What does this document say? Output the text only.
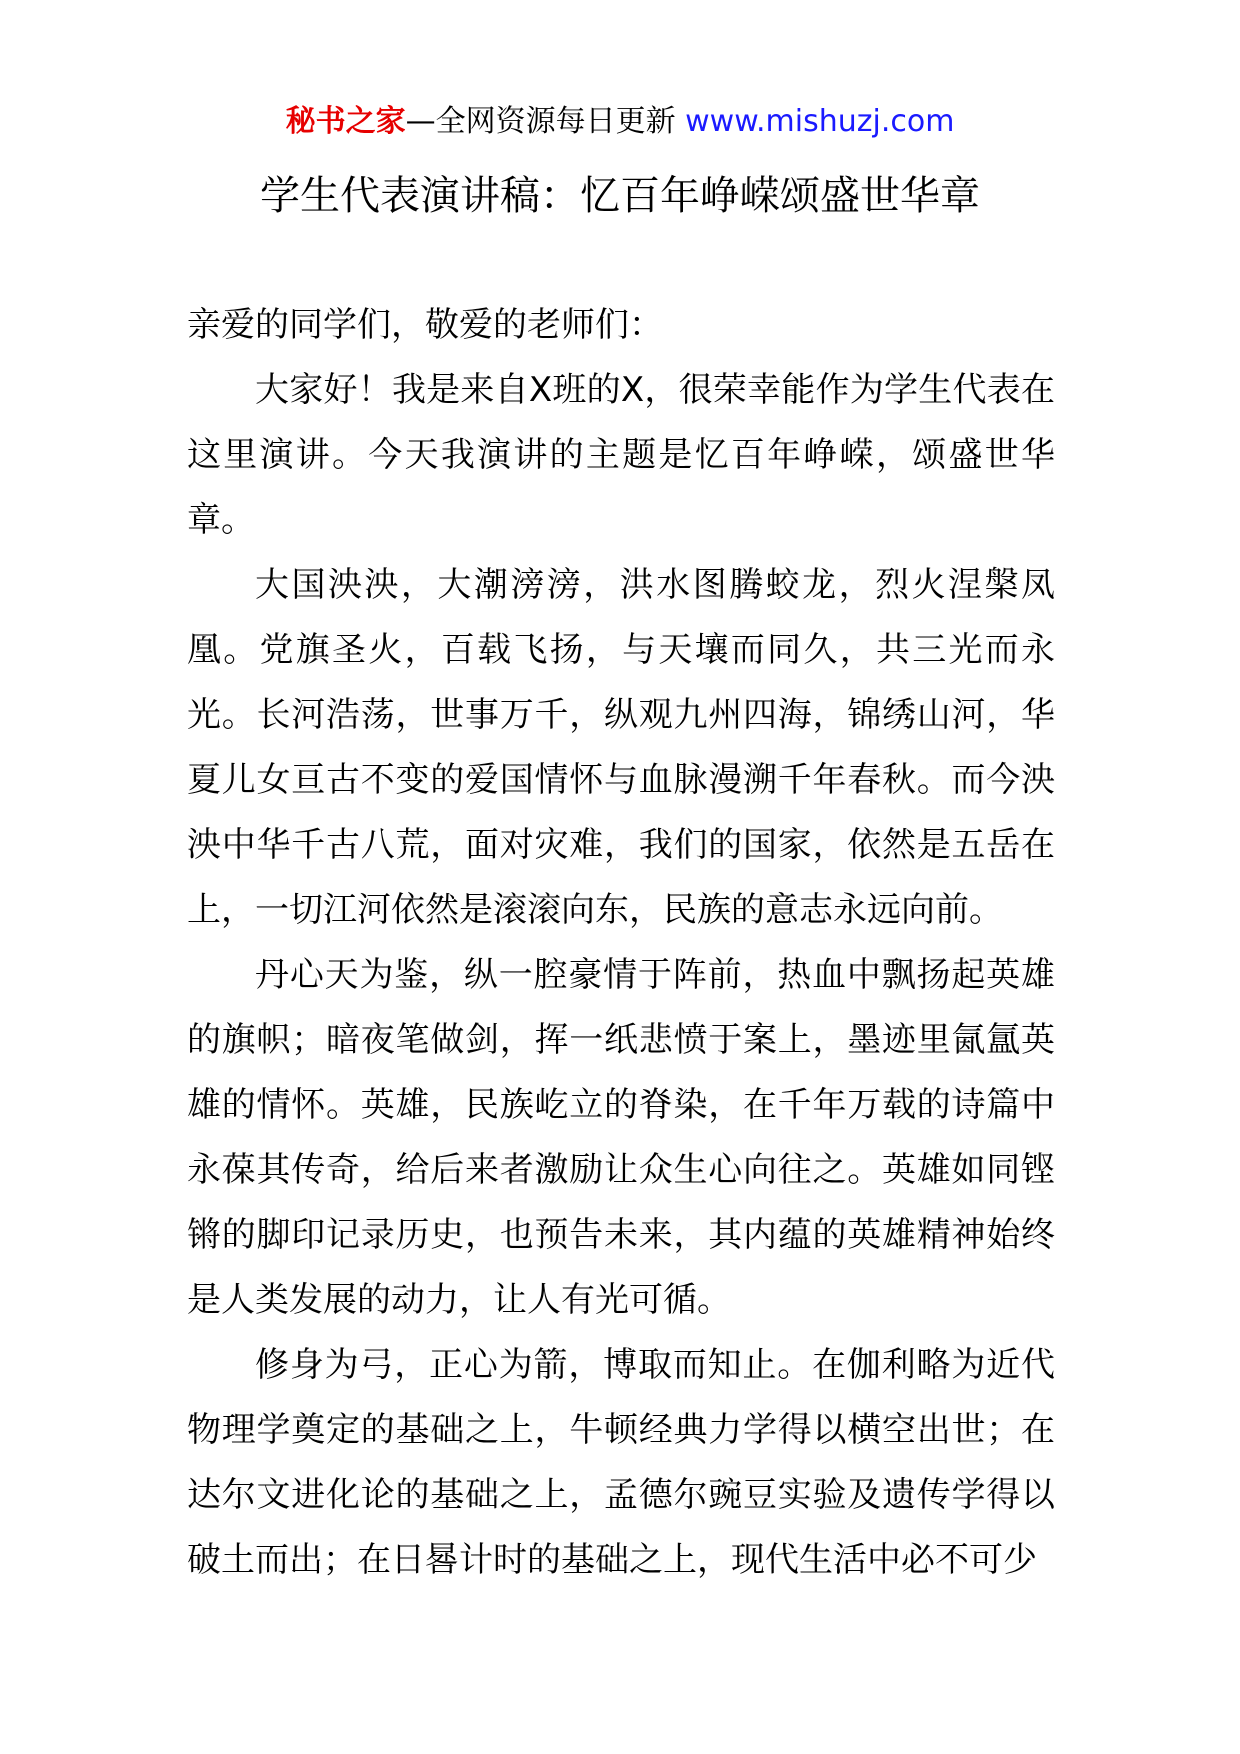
秘书之家—全网资源每日更新 www.mishuzj.com
学生代表演讲稿：忆百年峥嵘颂盛世华章

亲爱的同学们，敬爱的老师们：

大家好！我是来自X班的X，很荣幸能作为学生代表在这里演讲。今天我演讲的主题是忆百年峥嵘，颂盛世华章。

大国泱泱，大潮滂滂，洪水图腾蛟龙，烈火涅槃凤凰。党旗圣火，百载飞扬，与天壤而同久，共三光而永光。长河浩荡，世事万千，纵观九州四海，锦绣山河，华夏儿女亘古不变的爱国情怀与血脉漫溯千年春秋。而今泱泱中华千古八荒，面对灾难，我们的国家，依然是五岳在上，一切江河依然是滚滚向东，民族的意志永远向前。

丹心天为鉴，纵一腔豪情于阵前，热血中飘扬起英雄的旗帜；暗夜笔做剑，挥一纸悲愤于案上，墨迹里氤氲英雄的情怀。英雄，民族屹立的脊染，在千年万载的诗篇中永葆其传奇，给后来者激励让众生心向往之。英雄如同铿锵的脚印记录历史，也预告未来，其内蕴的英雄精神始终是人类发展的动力，让人有光可循。

修身为弓，正心为箭，博取而知止。在伽利略为近代物理学奠定的基础之上，牛顿经典力学得以横空出世；在达尔文进化论的基础之上，孟德尔豌豆实验及遗传学得以破土而出；在日晷计时的基础之上，现代生活中必不可少
